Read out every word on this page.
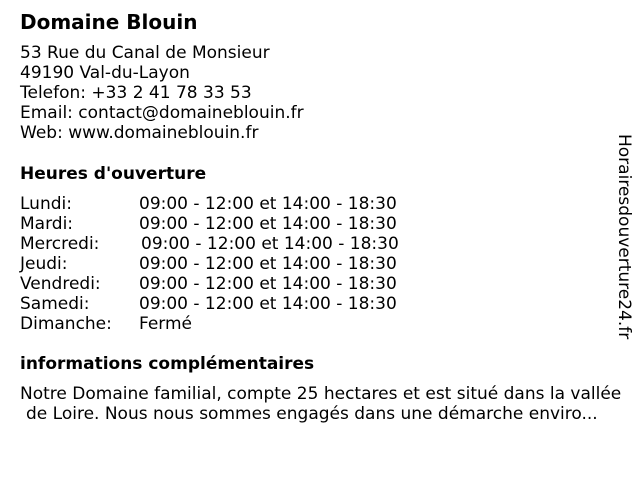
Domaine Blouin
53 Rue du Canal de Monsieur
49190 Val-du-Layon
Telefon: +33 2 41 78 33 53
Email: contact@domaineblouin.fr
Web: www.domaineblouin.fr
Heures d'ouverture
Lundi:	09:00 - 12:00 et 14:00 - 18:30
Mardi:	09:00 - 12:00 et 14:00 - 18:30
Mercredi: 09:00 - 12:00 et 14:00 - 18:30
Jeudi:	09:00 - 12:00 et 14:00 - 18:30
Vendredi: 09:00 - 12:00 et 14:00 - 18:30
Samedi:	09:00 - 12:00 et 14:00 - 18:30
Dimanche: Fermé
informations complémentaires
Notre Domaine familial, compte 25 hectares et est situé dans la vallée
de Loire. Nous nous sommes engagés dans une démarche enviro...
Horairesdouverture24.fr
